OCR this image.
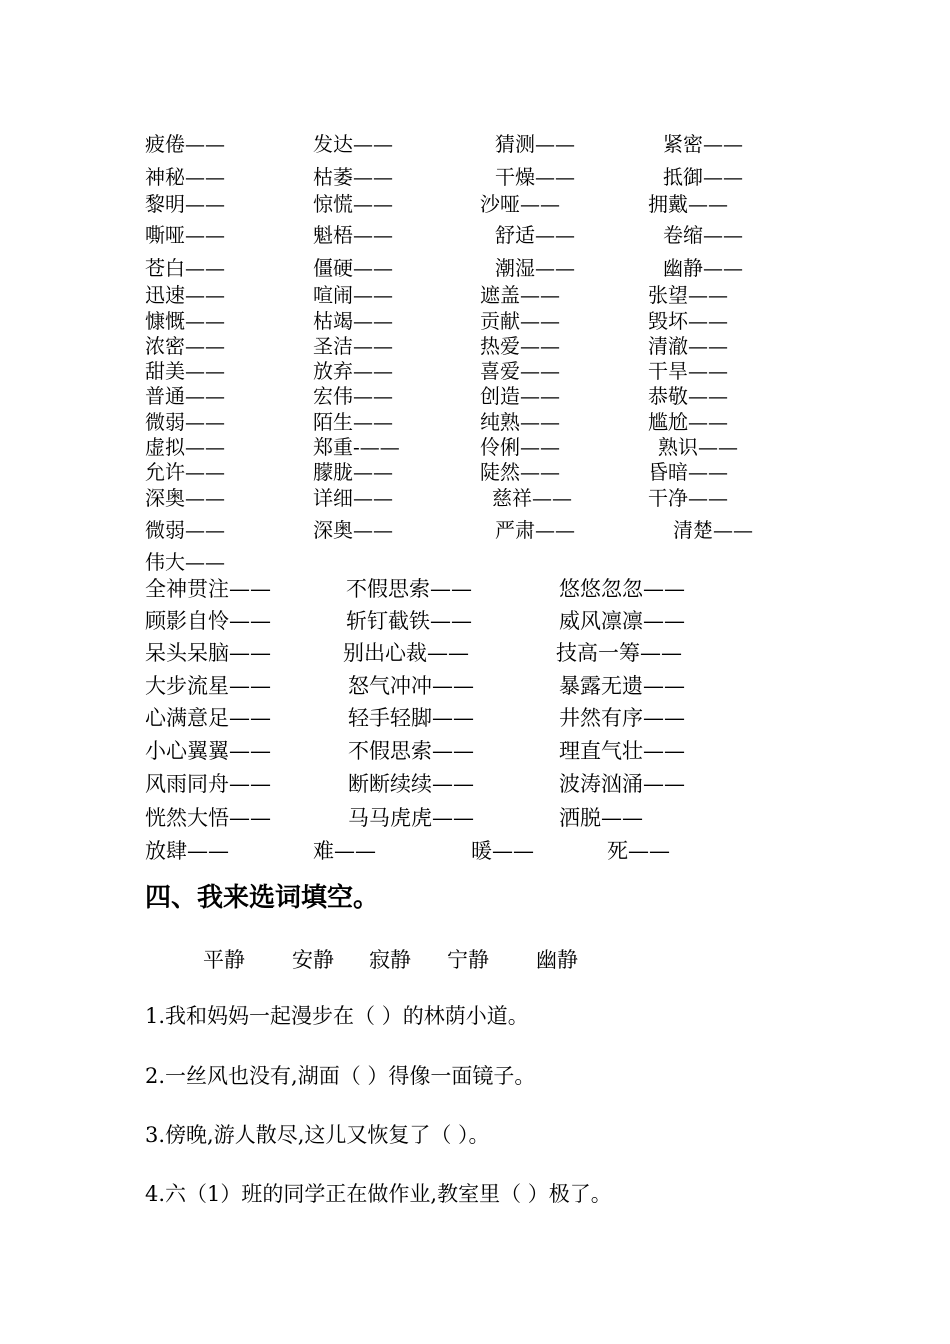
疲倦——	发达——	猜测——	紧密——
神秘——	枯萎——	干燥——	抵御——
黎明——	惊慌——	沙哑——	拥戴——
嘶哑——	魁梧——	舒适——	卷缩——
苍白——	僵硬——	潮湿——	幽静——
迅速——	喧闹——	遮盖——	张望——
慷慨——	枯竭——	贡献——	毁坏——
浓密——	圣洁——	热爱——	清澈——
甜美——	放弃——	喜爱——	干旱——
普通——	宏伟——	创造——	恭敬——
微弱——	陌生——	纯熟——	尴尬——
虚拟——	郑重-——	伶俐——	熟识——
允许——	朦胧——	陡然——	昏暗——
深奥——	详细——	慈祥——	干净——
微弱——	深奥——	严肃——	清楚——
伟大——
全神贯注——	不假思索——	悠悠忽忽——
顾影自怜——	斩钉截铁——	威风凛凛——
呆头呆脑——	别出心裁——	技高一筹——
大步流星——	怒气冲冲——	暴露无遗——
心满意足——	轻手轻脚——	井然有序——
小心翼翼——	不假思索——	理直气壮——
风雨同舟——	断断续续——	波涛汹涌——
恍然大悟——	马马虎虎——	洒脱——
放肆——	难——	暖——	死——
四、我来选词填空。
平静 安静 寂静 宁静 幽静
1.我和妈妈一起漫步在（ ）的林荫小道。
2.一丝风也没有,湖面（ ）得像一面镜子。
3.傍晚,游人散尽,这儿又恢复了（ ）。
4.六（1）班的同学正在做作业,教室里（ ）极了。
